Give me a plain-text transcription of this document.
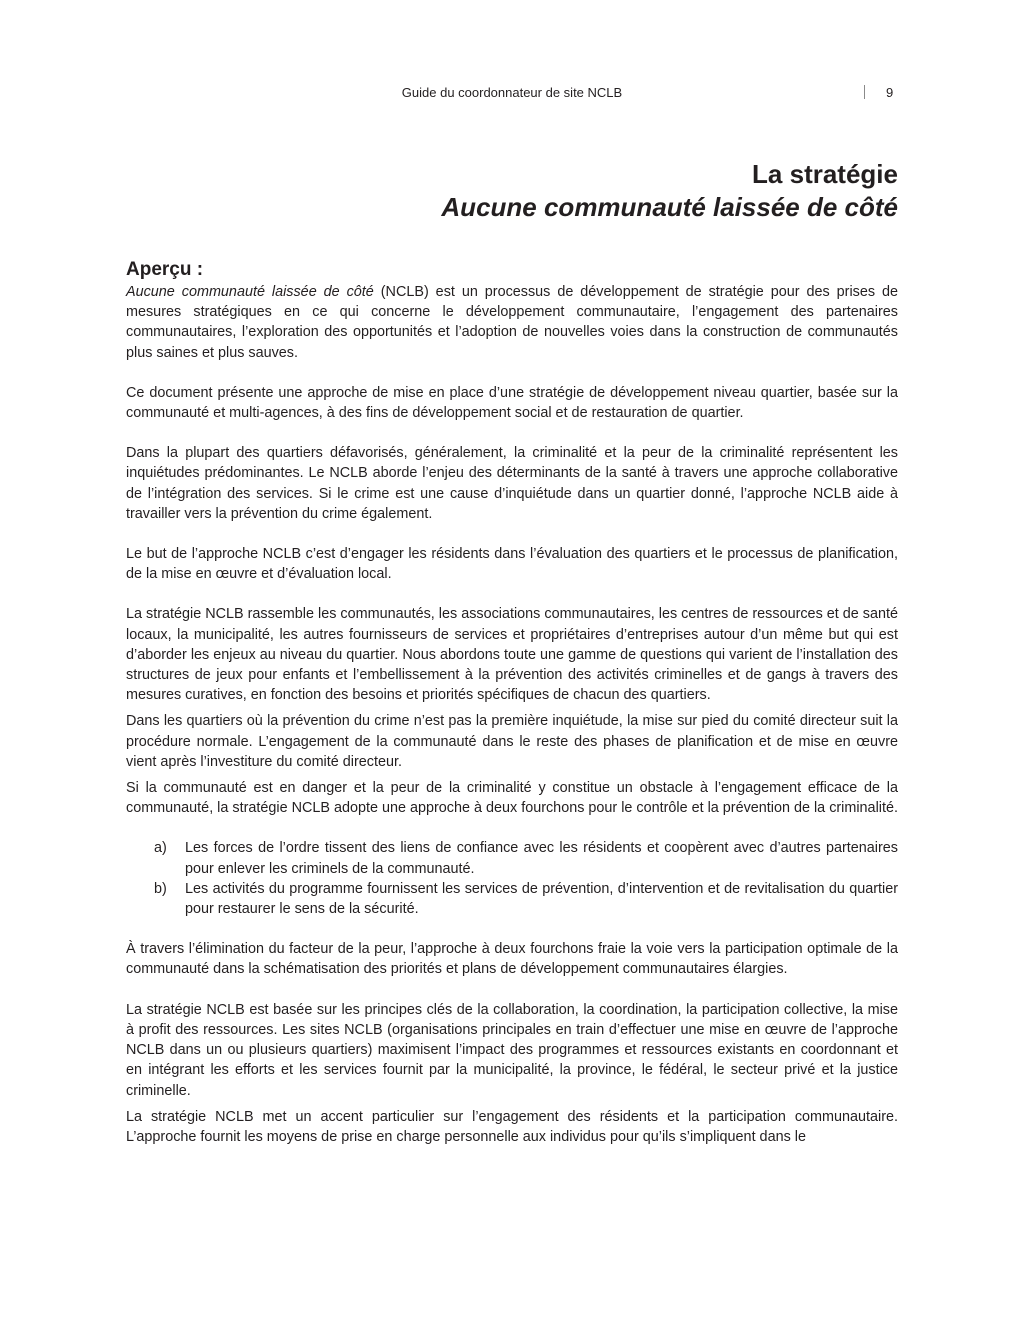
Guide du coordonnateur de site NCLB	9
La stratégie
Aucune communauté laissée de côté
Aperçu :

Aucune communauté laissée de côté (NCLB) est un processus de développement de stratégie pour des prises de mesures stratégiques en ce qui concerne le développement communautaire, l’engagement des partenaires communautaires, l’exploration des opportunités et l’adoption de nouvelles voies dans la construction de communautés plus saines et plus sauves.

Ce document présente une approche de mise en place d’une stratégie de développement niveau quartier, basée sur la communauté et multi-agences, à des fins de développement social et de restauration de quartier.

Dans la plupart des quartiers défavorisés, généralement, la criminalité et la peur de la criminalité représentent les inquiétudes prédominantes. Le NCLB aborde l’enjeu des déterminants de la santé à travers une approche collaborative de l’intégration des services. Si le crime est une cause d’inquiétude dans un quartier donné, l’approche NCLB aide à travailler vers la prévention du crime également.

Le but de l’approche NCLB c’est d’engager les résidents dans l’évaluation des quartiers et le processus de planification, de la mise en œuvre et d’évaluation local.

La stratégie NCLB rassemble les communautés, les associations communautaires, les centres de ressources et de santé locaux, la municipalité, les autres fournisseurs de services et propriétaires d’entreprises autour d’un même but qui est d’aborder les enjeux au niveau du quartier. Nous abordons toute une gamme de questions qui varient de l’installation des structures de jeux pour enfants et l’embellissement à la prévention des activités criminelles et de gangs à travers des mesures curatives, en fonction des besoins et priorités spécifiques de chacun des quartiers.

Dans les quartiers où la prévention du crime n’est pas la première inquiétude, la mise sur pied du comité directeur suit la procédure normale. L’engagement de la communauté dans le reste des phases de planification et de mise en œuvre vient après l’investiture du comité directeur.

Si la communauté est en danger et la peur de la criminalité y constitue un obstacle à l’engagement efficace de la communauté, la stratégie NCLB adopte une approche à deux fourchons pour le contrôle et la prévention de la criminalité.

a)	Les forces de l’ordre tissent des liens de confiance avec les résidents et coopèrent avec d’autres partenaires pour enlever les criminels de la communauté.
b)	Les activités du programme fournissent les services de prévention, d’intervention et de revitalisation du quartier pour restaurer le sens de la sécurité.

À travers l’élimination du facteur de la peur, l’approche à deux fourchons fraie la voie vers la participation optimale de la communauté dans la schématisation des priorités et plans de développement communautaires élargies.

La stratégie NCLB est basée sur les principes clés de la collaboration, la coordination, la participation collective, la mise à profit des ressources. Les sites NCLB (organisations principales en train d’effectuer une mise en œuvre de l’approche NCLB dans un ou plusieurs quartiers) maximisent l’impact des programmes et ressources existants en coordonnant et en intégrant les efforts et les services fournit par la municipalité, la province, le fédéral, le secteur privé et la justice criminelle.

La stratégie NCLB met un accent particulier sur l’engagement des résidents et la participation communautaire. L’approche fournit les moyens de prise en charge personnelle aux individus pour qu’ils s’impliquent dans le
